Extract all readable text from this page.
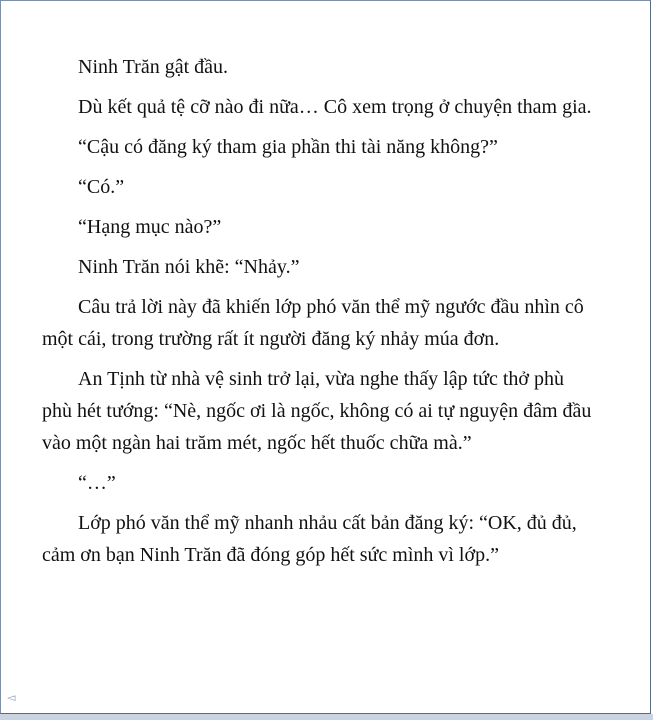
Ninh Trăn gật đầu.

Dù kết quả tệ cỡ nào đi nữa… Cô xem trọng ở chuyện tham gia.

“Cậu có đăng ký tham gia phần thi tài năng không?”

“Có.”

“Hạng mục nào?”

Ninh Trăn nói khẽ: “Nhảy.”

Câu trả lời này đã khiến lớp phó văn thể mỹ ngước đầu nhìn cô
một cái, trong trường rất ít người đăng ký nhảy múa đơn.

An Tịnh từ nhà vệ sinh trở lại, vừa nghe thấy lập tức thở phù
phù hét tướng: “Nè, ngốc ơi là ngốc, không có ai tự nguyện đâm đầu
vào một ngàn hai trăm mét, ngốc hết thuốc chữa mà.”

“…”

Lớp phó văn thể mỹ nhanh nhảu cất bản đăng ký: “OK, đủ đủ,
cảm ơn bạn Ninh Trăn đã đóng góp hết sức mình vì lớp.”

◅
